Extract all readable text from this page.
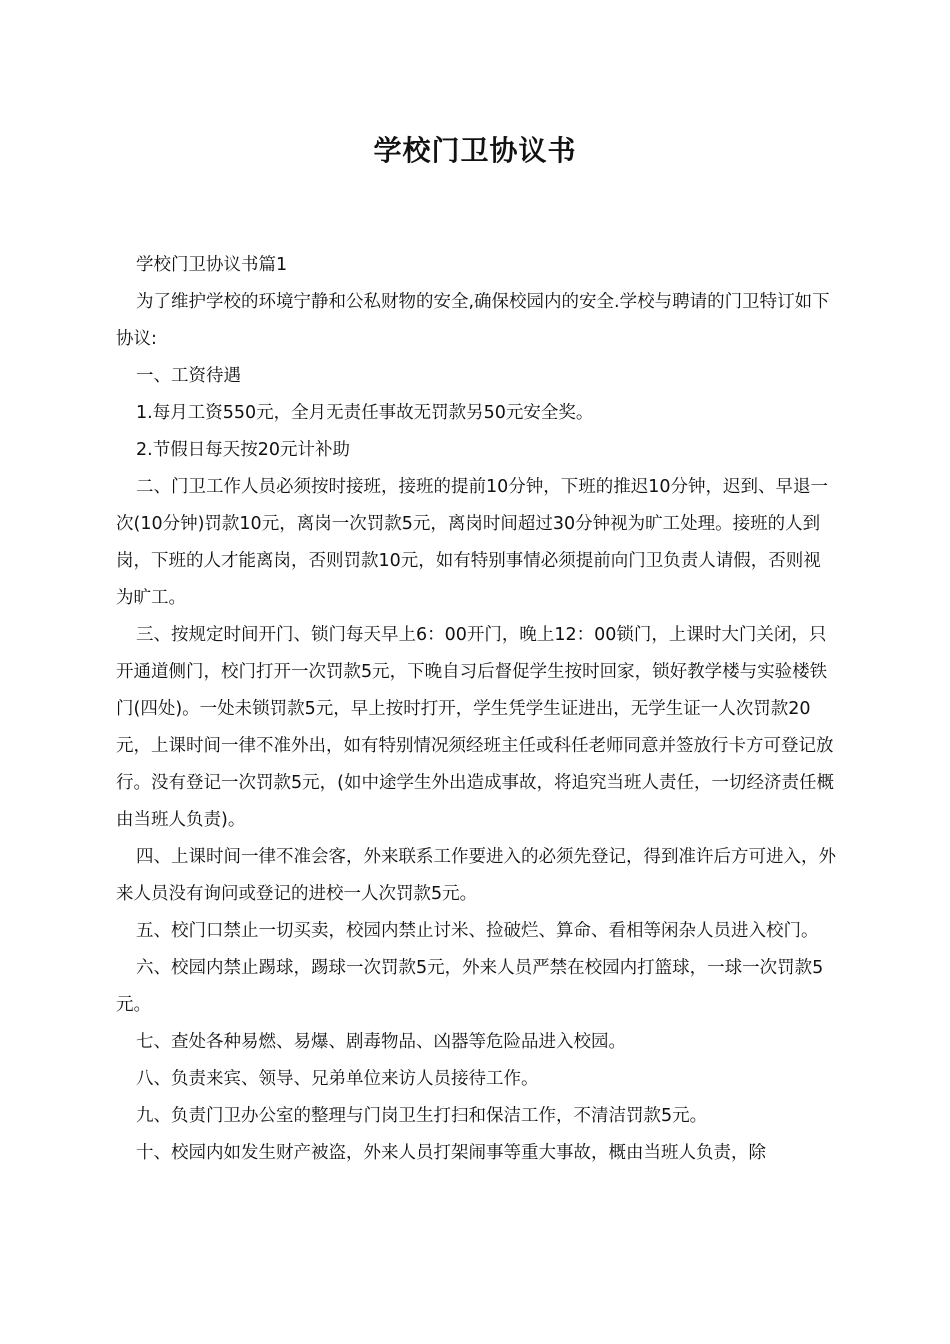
学校门卫协议书

学校门卫协议书篇1

为了维护学校的环境宁静和公私财物的安全,确保校园内的安全.学校与聘请的门卫特订如下协议:

一、工资待遇

1.每月工资550元，全月无责任事故无罚款另50元安全奖。

2.节假日每天按20元计补助

二、门卫工作人员必须按时接班，接班的提前10分钟，下班的推迟10分钟，迟到、早退一次(10分钟)罚款10元，离岗一次罚款5元，离岗时间超过30分钟视为旷工处理。接班的人到岗，下班的人才能离岗，否则罚款10元，如有特别事情必须提前向门卫负责人请假，否则视为旷工。

三、按规定时间开门、锁门每天早上6：00开门，晚上12：00锁门，上课时大门关闭，只开通道侧门，校门打开一次罚款5元，下晚自习后督促学生按时回家，锁好教学楼与实验楼铁门(四处)。一处未锁罚款5元，早上按时打开，学生凭学生证进出，无学生证一人次罚款20元，上课时间一律不准外出，如有特别情况须经班主任或科任老师同意并签放行卡方可登记放行。没有登记一次罚款5元，(如中途学生外出造成事故，将追究当班人责任，一切经济责任概由当班人负责)。

四、上课时间一律不准会客，外来联系工作要进入的必须先登记，得到准许后方可进入，外来人员没有询问或登记的进校一人次罚款5元。

五、校门口禁止一切买卖，校园内禁止讨米、捡破烂、算命、看相等闲杂人员进入校门。

六、校园内禁止踢球，踢球一次罚款5元，外来人员严禁在校园内打篮球，一球一次罚款5元。

七、查处各种易燃、易爆、剧毒物品、凶器等危险品进入校园。

八、负责来宾、领导、兄弟单位来访人员接待工作。

九、负责门卫办公室的整理与门岗卫生打扫和保洁工作，不清洁罚款5元。

十、校园内如发生财产被盗，外来人员打架闹事等重大事故，概由当班人负责，除
